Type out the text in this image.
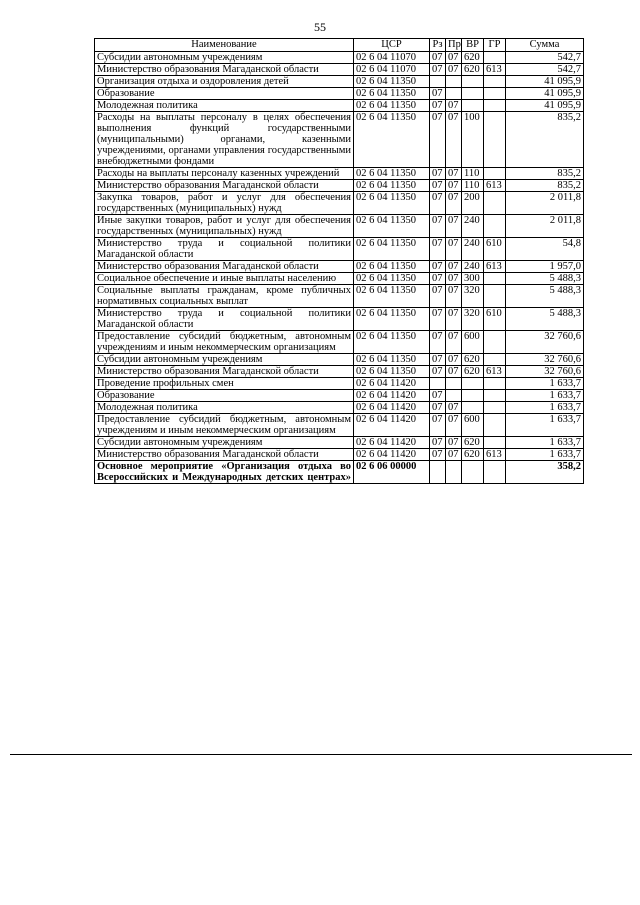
55
Наименование	ЦСР	Рз	Пр	ВР	ГР	Сумма
Субсидии автономным учреждениям	02 6 04 11070	07	07	620		542,7
Министерство образования Магаданской области	02 6 04 11070	07	07	620	613	542,7
Организация отдыха и оздоровления детей	02 6 04 11350					41 095,9
Образование	02 6 04 11350	07				41 095,9
Молодежная политика	02 6 04 11350	07	07			41 095,9
Расходы на выплаты персоналу в целях обеспечения выполнения функций государственными (муниципальными) органами, казенными учреждениями, органами управления государственными внебюджетными фондами	02 6 04 11350	07	07	100		835,2
Расходы на выплаты персоналу казенных учреждений	02 6 04 11350	07	07	110		835,2
Министерство образования Магаданской области	02 6 04 11350	07	07	110	613	835,2
Закупка товаров, работ и услуг для обеспечения государственных (муниципальных) нужд	02 6 04 11350	07	07	200		2 011,8
Иные закупки товаров, работ и услуг для обеспечения государственных (муниципальных) нужд	02 6 04 11350	07	07	240		2 011,8
Министерство труда и социальной политики Магаданской области	02 6 04 11350	07	07	240	610	54,8
Министерство образования Магаданской области	02 6 04 11350	07	07	240	613	1 957,0
Социальное обеспечение и иные выплаты населению	02 6 04 11350	07	07	300		5 488,3
Социальные выплаты гражданам, кроме публичных нормативных социальных выплат	02 6 04 11350	07	07	320		5 488,3
Министерство труда и социальной политики Магаданской области	02 6 04 11350	07	07	320	610	5 488,3
Предоставление субсидий бюджетным, автономным учреждениям и иным некоммерческим организациям	02 6 04 11350	07	07	600		32 760,6
Субсидии автономным учреждениям	02 6 04 11350	07	07	620		32 760,6
Министерство образования Магаданской области	02 6 04 11350	07	07	620	613	32 760,6
Проведение профильных смен	02 6 04 11420					1 633,7
Образование	02 6 04 11420	07				1 633,7
Молодежная политика	02 6 04 11420	07	07			1 633,7
Предоставление субсидий бюджетным, автономным учреждениям и иным некоммерческим организациям	02 6 04 11420	07	07	600		1 633,7
Субсидии автономным учреждениям	02 6 04 11420	07	07	620		1 633,7
Министерство образования Магаданской области	02 6 04 11420	07	07	620	613	1 633,7
Основное мероприятие «Организация отдыха во Всероссийских и Международных детских центрах»	02 6 06 00000					358,2
